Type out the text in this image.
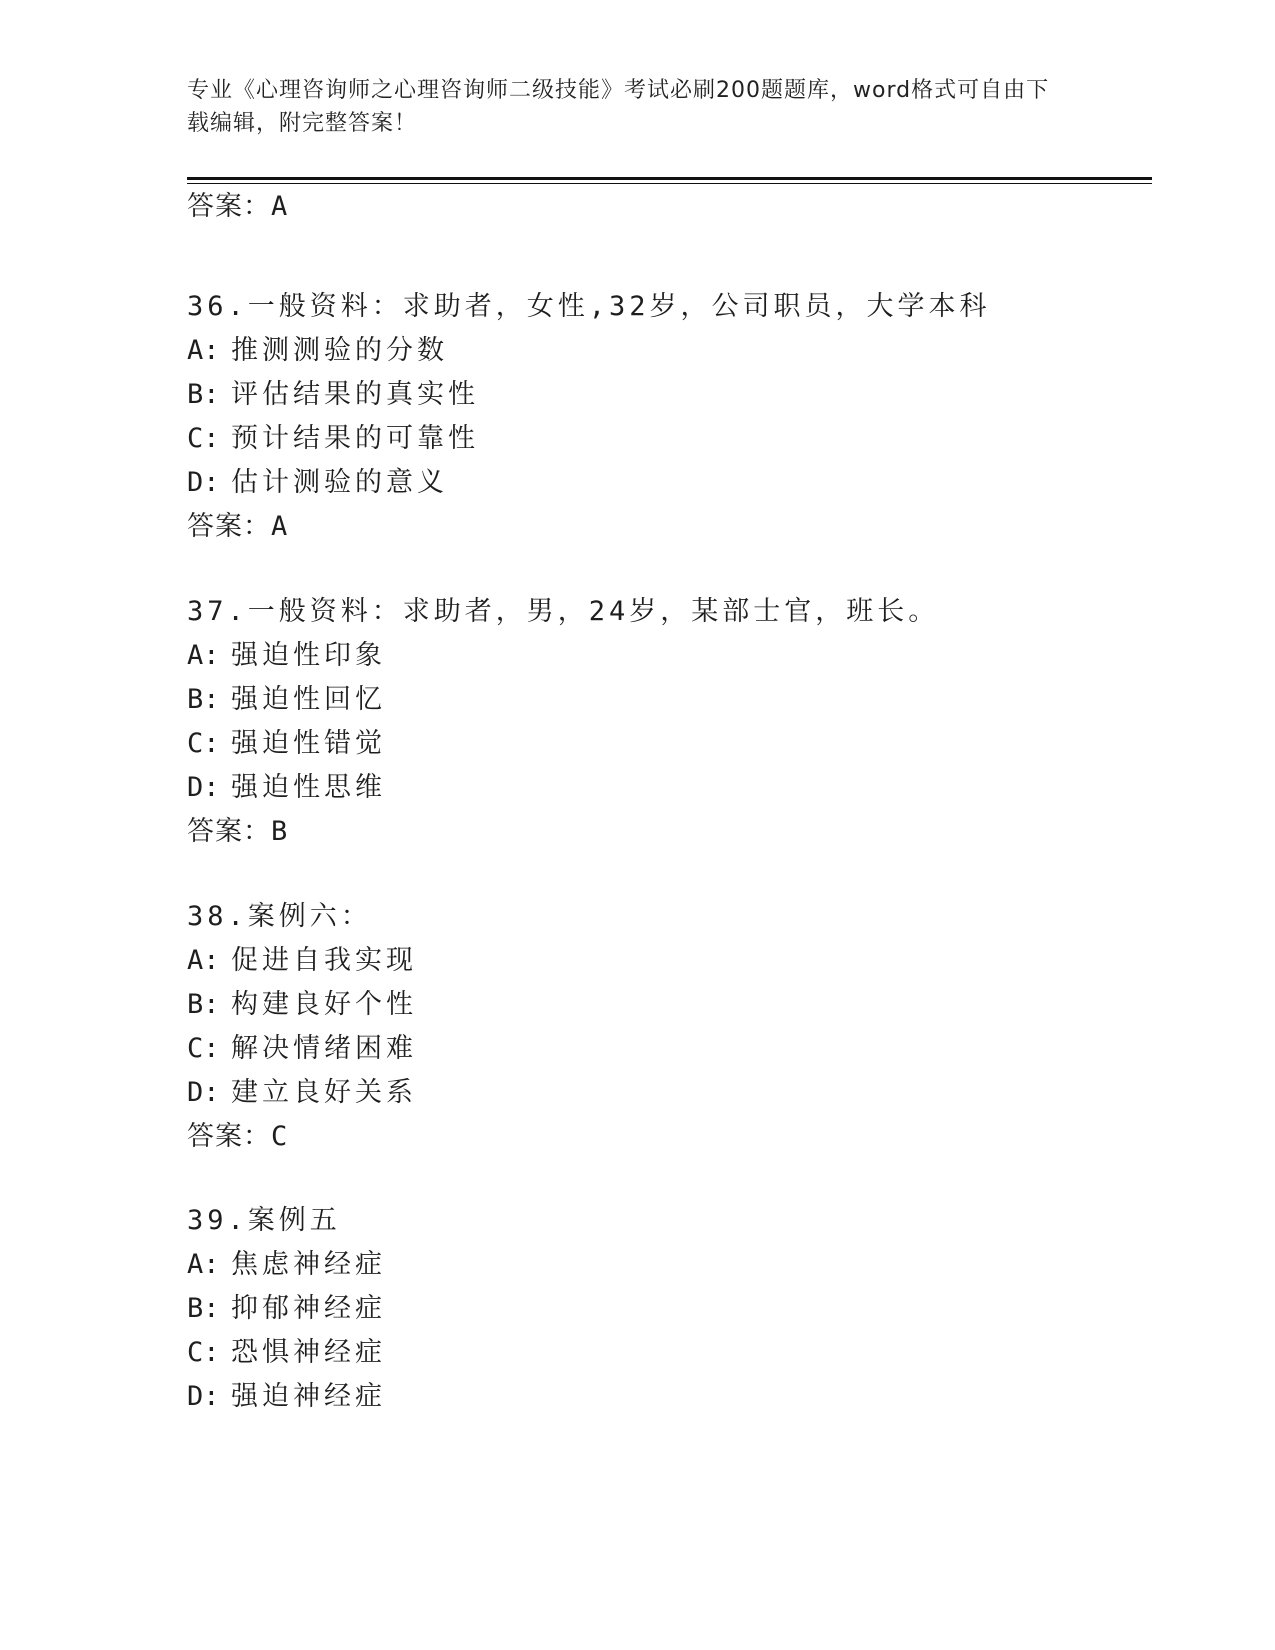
专业《心理咨询师之心理咨询师二级技能》考试必刷200题题库，word格式可自由下载编辑，附完整答案！
答案：A
36.一般资料：求助者，女性,32岁，公司职员，大学本科
A: 推测测验的分数
B: 评估结果的真实性
C: 预计结果的可靠性
D: 估计测验的意义
答案：A
37.一般资料：求助者，男，24岁，某部士官，班长。
A: 强迫性印象
B: 强迫性回忆
C: 强迫性错觉
D: 强迫性思维
答案：B
38.案例六：
A: 促进自我实现
B: 构建良好个性
C: 解决情绪困难
D: 建立良好关系
答案：C
39.案例五
A: 焦虑神经症
B: 抑郁神经症
C: 恐惧神经症
D: 强迫神经症
